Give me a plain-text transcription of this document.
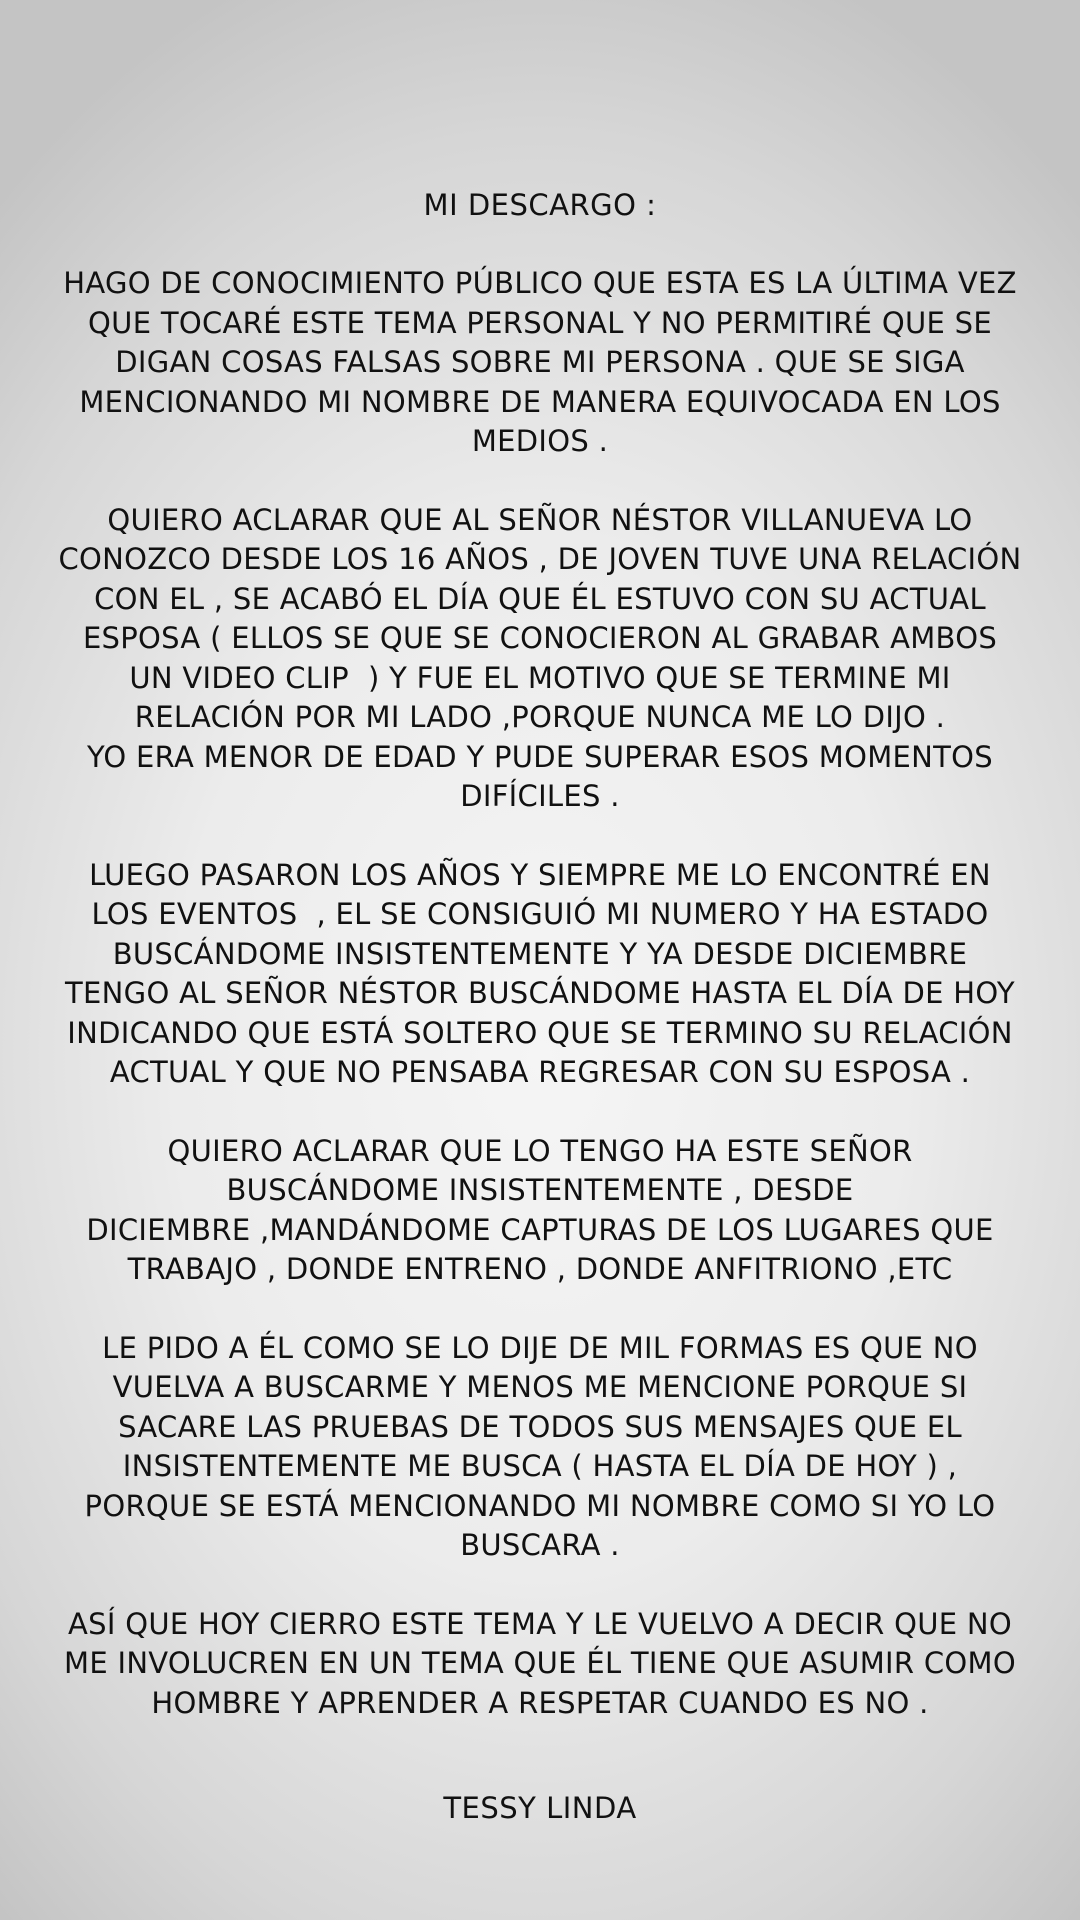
MI DESCARGO :
HAGO DE CONOCIMIENTO PÚBLICO QUE ESTA ES LA ÚLTIMA VEZ
QUE TOCARÉ ESTE TEMA PERSONAL Y NO PERMITIRÉ QUE SE
DIGAN COSAS FALSAS SOBRE MI PERSONA . QUE SE SIGA
MENCIONANDO MI NOMBRE DE MANERA EQUIVOCADA EN LOS
MEDIOS .
QUIERO ACLARAR QUE AL SEÑOR NÉSTOR VILLANUEVA LO
CONOZCO DESDE LOS 16 AÑOS , DE JOVEN TUVE UNA RELACIÓN
CON EL , SE ACABÓ EL DÍA QUE ÉL ESTUVO CON SU ACTUAL
ESPOSA ( ELLOS SE QUE SE CONOCIERON AL GRABAR AMBOS
UN VIDEO CLIP  ) Y FUE EL MOTIVO QUE SE TERMINE MI
RELACIÓN POR MI LADO ,PORQUE NUNCA ME LO DIJO .
YO ERA MENOR DE EDAD Y PUDE SUPERAR ESOS MOMENTOS
DIFÍCILES .
LUEGO PASARON LOS AÑOS Y SIEMPRE ME LO ENCONTRÉ EN
LOS EVENTOS  , EL SE CONSIGUIÓ MI NUMERO Y HA ESTADO
BUSCÁNDOME INSISTENTEMENTE Y YA DESDE DICIEMBRE
TENGO AL SEÑOR NÉSTOR BUSCÁNDOME HASTA EL DÍA DE HOY
INDICANDO QUE ESTÁ SOLTERO QUE SE TERMINO SU RELACIÓN
ACTUAL Y QUE NO PENSABA REGRESAR CON SU ESPOSA .
QUIERO ACLARAR QUE LO TENGO HA ESTE SEÑOR
BUSCÁNDOME INSISTENTEMENTE , DESDE
DICIEMBRE ,MANDÁNDOME CAPTURAS DE LOS LUGARES QUE
TRABAJO , DONDE ENTRENO , DONDE ANFITRIONO ,ETC
LE PIDO A ÉL COMO SE LO DIJE DE MIL FORMAS ES QUE NO
VUELVA A BUSCARME Y MENOS ME MENCIONE PORQUE SI
SACARE LAS PRUEBAS DE TODOS SUS MENSAJES QUE EL
INSISTENTEMENTE ME BUSCA ( HASTA EL DÍA DE HOY ) ,
PORQUE SE ESTÁ MENCIONANDO MI NOMBRE COMO SI YO LO
BUSCARA .
ASÍ QUE HOY CIERRO ESTE TEMA Y LE VUELVO A DECIR QUE NO
ME INVOLUCREN EN UN TEMA QUE ÉL TIENE QUE ASUMIR COMO
HOMBRE Y APRENDER A RESPETAR CUANDO ES NO .
TESSY LINDA
